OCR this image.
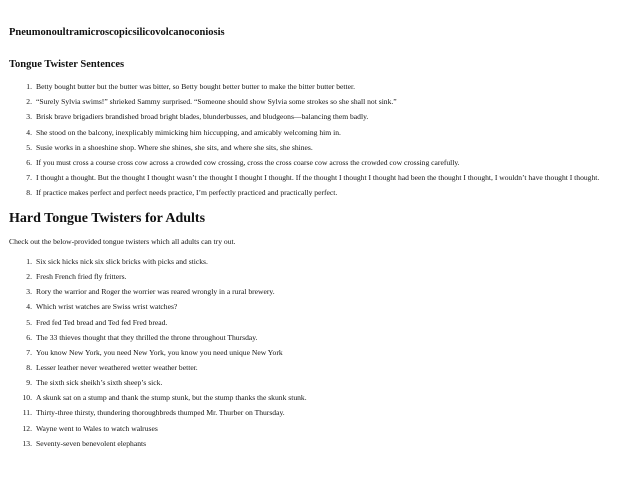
Pneumonoultramicroscopicsilicovolcanoconiosis
Tongue Twister Sentences
1. Betty bought butter but the butter was bitter, so Betty bought better butter to make the bitter butter better.
2. “Surely Sylvia swims!” shrieked Sammy surprised. “Someone should show Sylvia some strokes so she shall not sink.”
3. Brisk brave brigadiers brandished broad bright blades, blunderbusses, and bludgeons—balancing them badly.
4. She stood on the balcony, inexplicably mimicking him hiccupping, and amicably welcoming him in.
5. Susie works in a shoeshine shop. Where she shines, she sits, and where she sits, she shines.
6. If you must cross a course cross cow across a crowded cow crossing, cross the cross coarse cow across the crowded cow crossing carefully.
7. I thought a thought. But the thought I thought wasn’t the thought I thought I thought. If the thought I thought I thought had been the thought I thought, I wouldn’t have thought I thought.
8. If practice makes perfect and perfect needs practice, I’m perfectly practiced and practically perfect.
Hard Tongue Twisters for Adults

Check out the below-provided tongue twisters which all adults can try out.

1. Six sick hicks nick six slick bricks with picks and sticks.
2. Fresh French fried fly fritters.
3. Rory the warrior and Roger the worrier was reared wrongly in a rural brewery.
4. Which wrist watches are Swiss wrist watches?
5. Fred fed Ted bread and Ted fed Fred bread.
6. The 33 thieves thought that they thrilled the throne throughout Thursday.
7. You know New York, you need New York, you know you need unique New York
8. Lesser leather never weathered wetter weather better.
9. The sixth sick sheikh’s sixth sheep’s sick.
10. A skunk sat on a stump and thank the stump stunk, but the stump thanks the skunk stunk.
11. Thirty-three thirsty, thundering thoroughbreds thumped Mr. Thurber on Thursday.
12. Wayne went to Wales to watch walruses
13. Seventy-seven benevolent elephants
